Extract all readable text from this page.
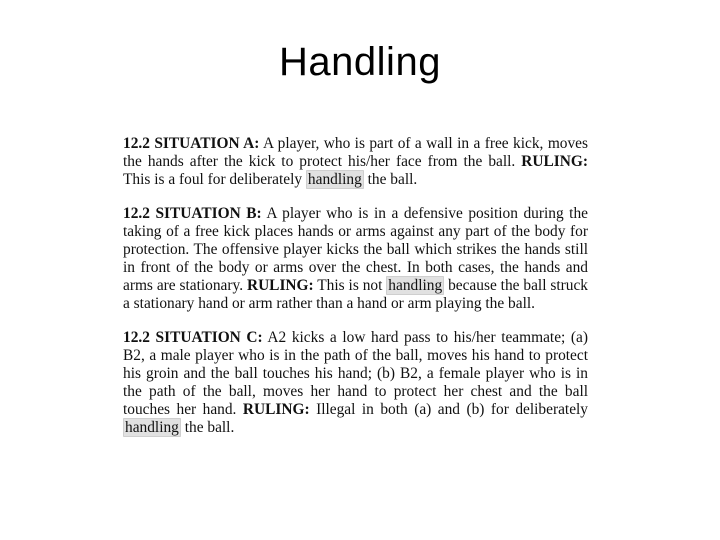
Handling

12.2 SITUATION A: A player, who is part of a wall in a free kick, moves the hands after the kick to protect his/her face from the ball. RULING: This is a foul for deliberately handling the ball.

12.2 SITUATION B: A player who is in a defensive position during the taking of a free kick places hands or arms against any part of the body for protection. The offensive player kicks the ball which strikes the hands still in front of the body or arms over the chest. In both cases, the hands and arms are stationary. RULING: This is not handling because the ball struck a stationary hand or arm rather than a hand or arm playing the ball.

12.2 SITUATION C: A2 kicks a low hard pass to his/her teammate; (a) B2, a male player who is in the path of the ball, moves his hand to protect his groin and the ball touches his hand; (b) B2, a female player who is in the path of the ball, moves her hand to protect her chest and the ball touches her hand. RULING: Illegal in both (a) and (b) for deliberately handling the ball.
